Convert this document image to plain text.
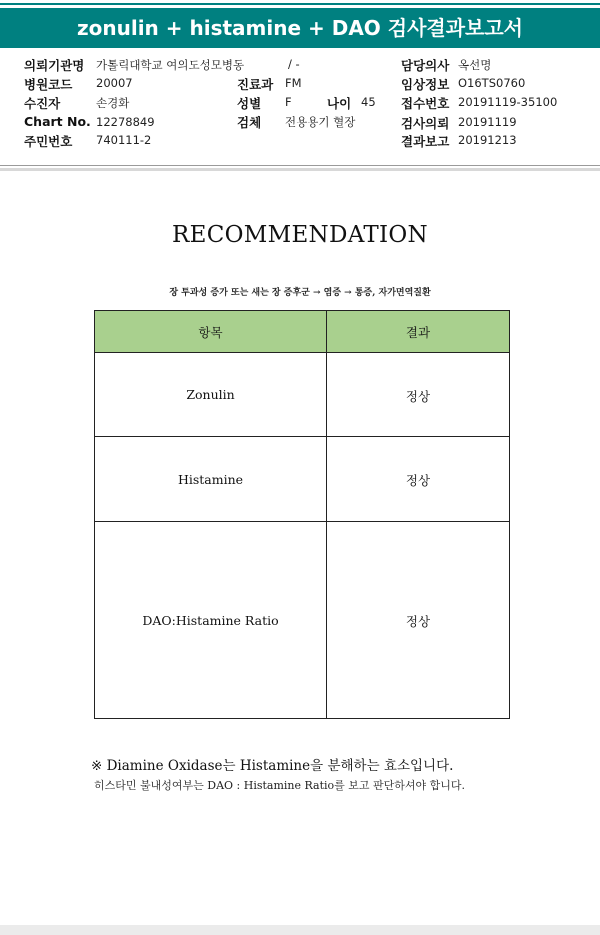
zonulin + histamine + DAO 검사결과보고서
의뢰기관명 가톨릭대학교 여의도성모병동	/ -
병원코드 20007
수진자	손경화
Chart No. 12278849
주민번호 740111-2
진료과 FM
성별 F	나이 45
검체 전용용기 혈장
담당의사 옥선명
임상정보 O16TS0760
접수번호 20191119-35100
검사의뢰 20191119
결과보고 20191213
RECOMMENDATION
장 투과성 증가 또는 새는 장 증후군 → 염증 → 통증, 자가면역질환
항목	결과
Zonulin	정상
Histamine	정상
DAO:Histamine Ratio	정상
※ Diamine Oxidase는 Histamine을 분해하는 효소입니다.
히스타민 불내성여부는 DAO : Histamine Ratio를 보고 판단하셔야 합니다.
